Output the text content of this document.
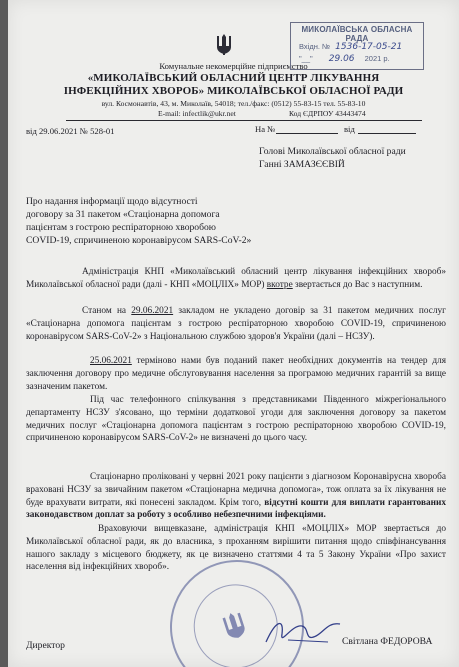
Комунальне некомерційне підприємство
«МИКОЛАЇВСЬКИЙ ОБЛАСНИЙ ЦЕНТР ЛІКУВАННЯ
ІНФЕКЦІЙНИХ ХВОРОБ» МИКОЛАЇВСЬКОЇ ОБЛАСНОЇ РАДИ
вул. Космонавтів, 43, м. Миколаїв, 54018; тел./факс: (0512) 55-83-15 тел. 55-83-10
E-mail: infectlik@ukr.net	Код ЄДРПОУ 43443474
МИКОЛАЇВСЬКА ОБЛАСНА РАДА
Вхідн. № 1536-17-05-21
"__" 29.06 2021 р.
від 29.06.2021 № 528-01	На №	від
Голові Миколаївської обласної ради
Ганні ЗАМАЗЄЄВІЙ
Про надання інформації щодо відсутності
договору за 31 пакетом «Стаціонарна допомога
пацієнтам з гострою респіраторною хворобою
COVID-19, спричиненою коронавірусом SARS-CoV-2»
Адміністрація КНП «Миколаївський обласний центр лікування інфекційних хвороб» Миколаївської обласної ради (далі - КНП «МОЦЛІХ» МОР) вкотре звертається до Вас з наступним.
Станом на 29.06.2021 закладом не укладено договір за 31 пакетом медичних послуг «Стаціонарна допомога пацієнтам з гострою респіраторною хворобою COVID-19, спричиненою коронавірусом SARS-CoV-2» з Національною службою здоров'я України (далі – НСЗУ).
25.06.2021 терміново нами був поданий пакет необхідних документів на тендер для заключення договору про медичне обслуговування населення за програмою медичних гарантій за вище зазначеним пакетом.
Під час телефонного спілкування з представниками Південного міжрегіонального департаменту НСЗУ з'ясовано, що терміни додаткової угоди для заключення договору за пакетом медичних послуг «Стаціонарна допомога пацієнтам з гострою респіраторною хворобою COVID-19, спричиненою коронавірусом SARS-CoV-2» не визначені до цього часу.
Стаціонарно проліковані у червні 2021 року пацієнти з діагнозом Коронавірусна хвороба враховані НСЗУ за звичайним пакетом «Стаціонарна медична допомога», тож оплата за їх лікування не буде врахувати витрати, які понесені закладом. Крім того, відсутні кошти для виплати гарантованих законодавством доплат за роботу з особливо небезпечними інфекціями.
Враховуючи вищевказане, адміністрація КНП «МОЦЛІХ» МОР звертається до Миколаївської обласної ради, як до власника, з проханням вирішити питання щодо співфінансування нашого закладу з місцевого бюджету, як це визначено статтями 4 та 5 Закону України «Про захист населення від інфекційних хвороб».
Директор	Світлана ФЕДОРОВА
